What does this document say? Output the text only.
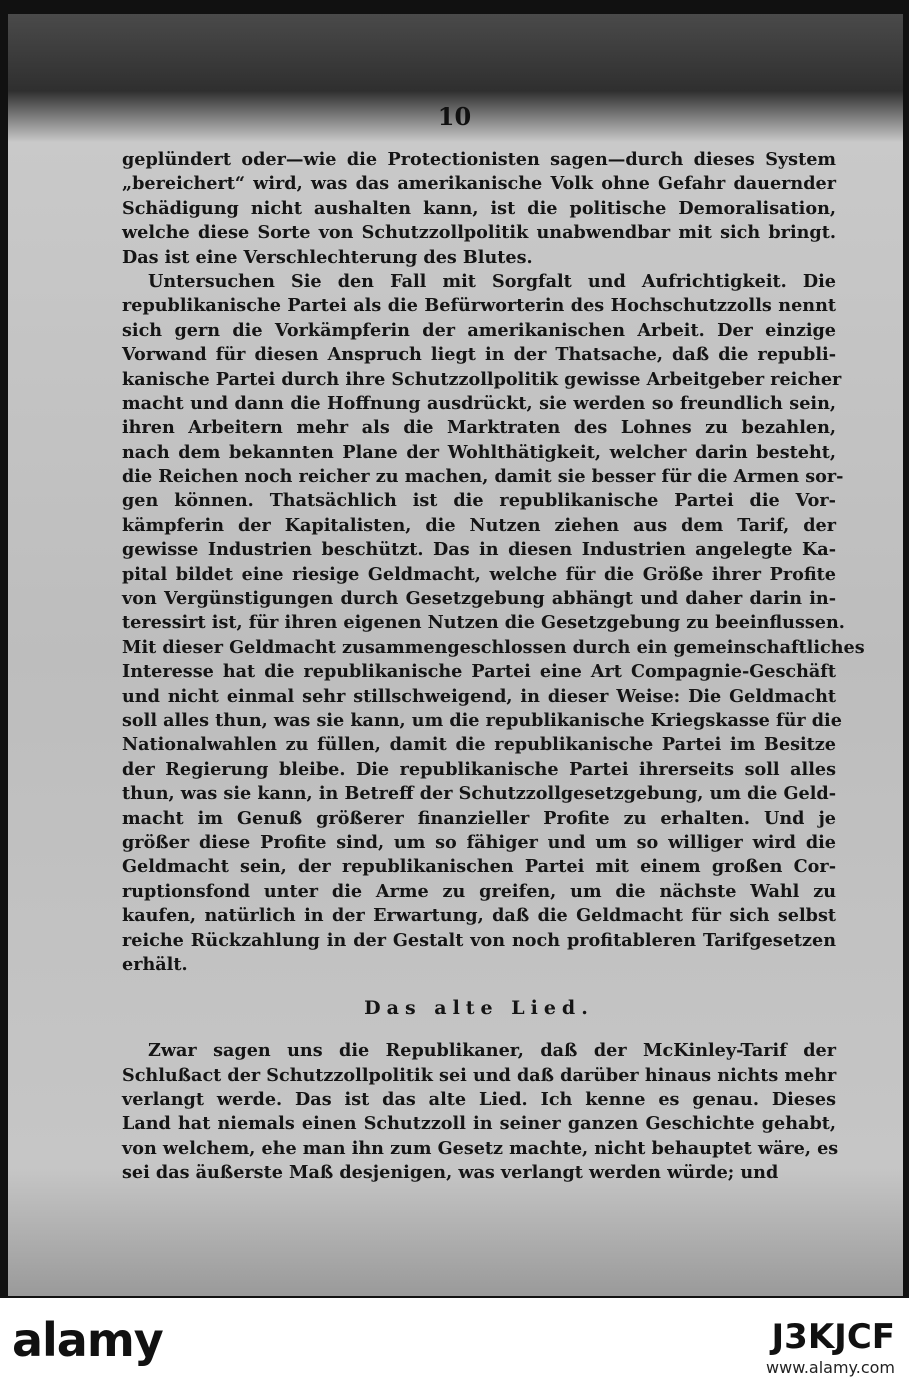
10
geplündert oder—wie die Protectionisten sagen—durch dieses System
„bereichert“ wird, was das amerikanische Volk ohne Gefahr dauernder
Schädigung nicht aushalten kann, ist die politische Demoralisation,
welche diese Sorte von Schutzzollpolitik unabwendbar mit sich bringt.
Das ist eine Verschlechterung des Blutes.
Untersuchen Sie den Fall mit Sorgfalt und Aufrichtigkeit. Die
republikanische Partei als die Befürworterin des Hochschutzzolls nennt
sich gern die Vorkämpferin der amerikanischen Arbeit. Der einzige
Vorwand für diesen Anspruch liegt in der Thatsache, daß die republi-
kanische Partei durch ihre Schutzzollpolitik gewisse Arbeitgeber reicher
macht und dann die Hoffnung ausdrückt, sie werden so freundlich sein,
ihren Arbeitern mehr als die Marktraten des Lohnes zu bezahlen,
nach dem bekannten Plane der Wohlthätigkeit, welcher darin besteht,
die Reichen noch reicher zu machen, damit sie besser für die Armen sor-
gen können. Thatsächlich ist die republikanische Partei die Vor-
kämpferin der Kapitalisten, die Nutzen ziehen aus dem Tarif, der
gewisse Industrien beschützt. Das in diesen Industrien angelegte Ka-
pital bildet eine riesige Geldmacht, welche für die Größe ihrer Profite
von Vergünstigungen durch Gesetzgebung abhängt und daher darin in-
teressirt ist, für ihren eigenen Nutzen die Gesetzgebung zu beeinflussen.
Mit dieser Geldmacht zusammengeschlossen durch ein gemeinschaftliches
Interesse hat die republikanische Partei eine Art Compagnie-Geschäft
und nicht einmal sehr stillschweigend, in dieser Weise: Die Geldmacht
soll alles thun, was sie kann, um die republikanische Kriegskasse für die
Nationalwahlen zu füllen, damit die republikanische Partei im Besitze
der Regierung bleibe. Die republikanische Partei ihrerseits soll alles
thun, was sie kann, in Betreff der Schutzzollgesetzgebung, um die Geld-
macht im Genuß größerer finanzieller Profite zu erhalten. Und je
größer diese Profite sind, um so fähiger und um so williger wird die
Geldmacht sein, der republikanischen Partei mit einem großen Cor-
ruptionsfond unter die Arme zu greifen, um die nächste Wahl zu
kaufen, natürlich in der Erwartung, daß die Geldmacht für sich selbst
reiche Rückzahlung in der Gestalt von noch profitableren Tarifgesetzen
erhält.
Das alte Lied.
Zwar sagen uns die Republikaner, daß der McKinley-Tarif der
Schlußact der Schutzzollpolitik sei und daß darüber hinaus nichts mehr
verlangt werde. Das ist das alte Lied. Ich kenne es genau. Dieses
Land hat niemals einen Schutzzoll in seiner ganzen Geschichte gehabt,
von welchem, ehe man ihn zum Gesetz machte, nicht behauptet wäre, es
sei das äußerste Maß desjenigen, was verlangt werden würde; und
alamy	J3KJCF
www.alamy.com
